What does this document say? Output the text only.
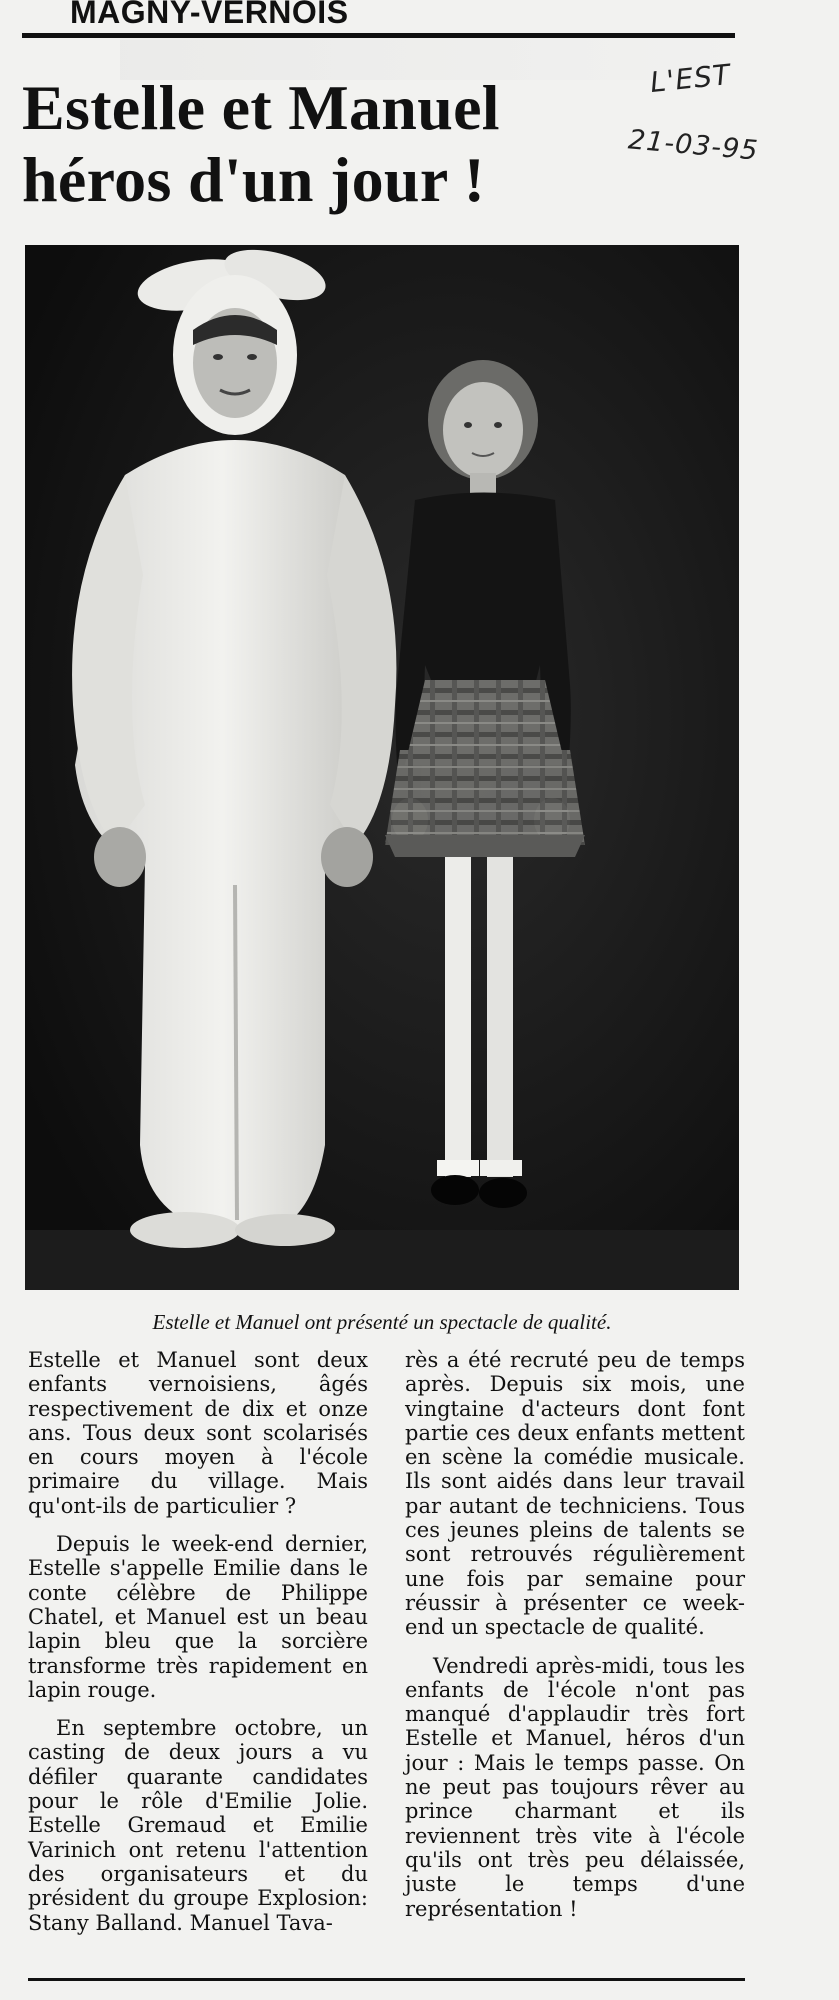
MAGNY-VERNOIS
Estelle et Manuel
héros d'un jour !
L'EST
21-03-95
Estelle et Manuel ont présenté un spectacle de qualité.

Estelle et Manuel sont deux enfants vernoisiens, âgés respectivement de dix et onze ans. Tous deux sont scolarisés en cours moyen à l'école primaire du village. Mais qu'ont-ils de particulier ?

Depuis le week-end dernier, Estelle s'appelle Emilie dans le conte célèbre de Philippe Chatel, et Manuel est un beau lapin bleu que la sorcière transforme très rapidement en lapin rouge.

En septembre octobre, un casting de deux jours a vu défiler quarante candidates pour le rôle d'Emilie Jolie. Estelle Gremaud et Emilie Varinich ont retenu l'attention des organisateurs et du président du groupe Explosion: Stany Balland. Manuel Tava-

rès a été recruté peu de temps après. Depuis six mois, une vingtaine d'acteurs dont font partie ces deux enfants mettent en scène la comédie musicale. Ils sont aidés dans leur travail par autant de techniciens. Tous ces jeunes pleins de talents se sont retrouvés régulièrement une fois par semaine pour réussir à présenter ce week-end un spectacle de qualité.

Vendredi après-midi, tous les enfants de l'école n'ont pas manqué d'applaudir très fort Estelle et Manuel, héros d'un jour : Mais le temps passe. On ne peut pas toujours rêver au prince charmant et ils reviennent très vite à l'école qu'ils ont très peu délaissée, juste le temps d'une représentation !
